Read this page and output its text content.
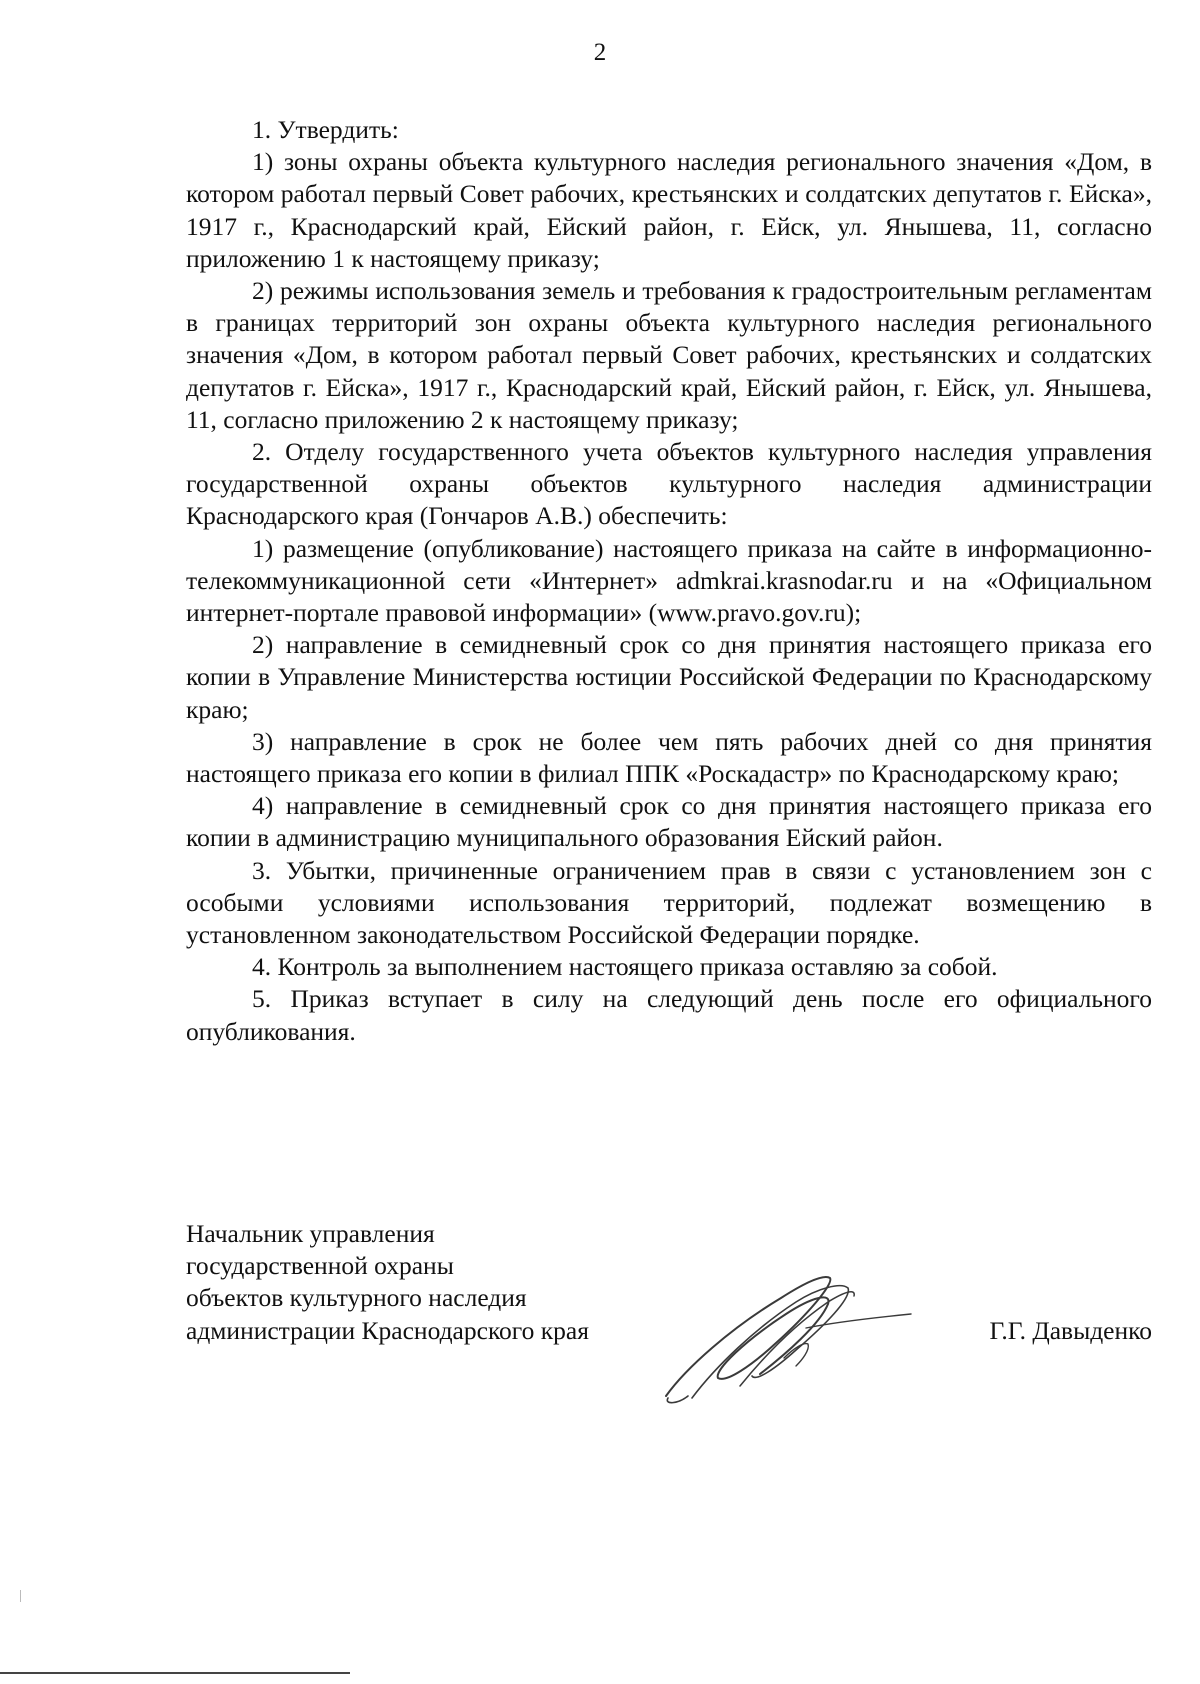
2

1. Утвердить:

1) зоны охраны объекта культурного наследия регионального значения «Дом, в котором работал первый Совет рабочих, крестьянских и солдатских депутатов г. Ейска», 1917 г., Краснодарский край, Ейский район, г. Ейск, ул. Янышева, 11, согласно приложению 1 к настоящему приказу;

2) режимы использования земель и требования к градостроительным регламентам в границах территорий зон охраны объекта культурного наследия регионального значения «Дом, в котором работал первый Совет рабочих, крестьянских и солдатских депутатов г. Ейска», 1917 г., Краснодарский край, Ейский район, г. Ейск, ул. Янышева, 11, согласно приложению 2 к настоящему приказу;

2. Отделу государственного учета объектов культурного наследия управления государственной охраны объектов культурного наследия администрации Краснодарского края (Гончаров А.В.) обеспечить:

1) размещение (опубликование) настоящего приказа на сайте в информационно-телекоммуникационной сети «Интернет» admkrai.krasnodar.ru и на «Официальном интернет-портале правовой информации» (www.pravo.gov.ru);

2) направление в семидневный срок со дня принятия настоящего приказа его копии в Управление Министерства юстиции Российской Федерации по Краснодарскому краю;

3) направление в срок не более чем пять рабочих дней со дня принятия настоящего приказа его копии в филиал ППК «Роскадастр» по Краснодарскому краю;

4) направление в семидневный срок со дня принятия настоящего приказа его копии в администрацию муниципального образования Ейский район.

3. Убытки, причиненные ограничением прав в связи с установлением зон с особыми условиями использования территорий, подлежат возмещению в установленном законодательством Российской Федерации порядке.

4. Контроль за выполнением настоящего приказа оставляю за собой.

5. Приказ вступает в силу на следующий день после его официального опубликования.

Начальник управления
государственной охраны
объектов культурного наследия
администрации Краснодарского края	Г.Г. Давыденко
